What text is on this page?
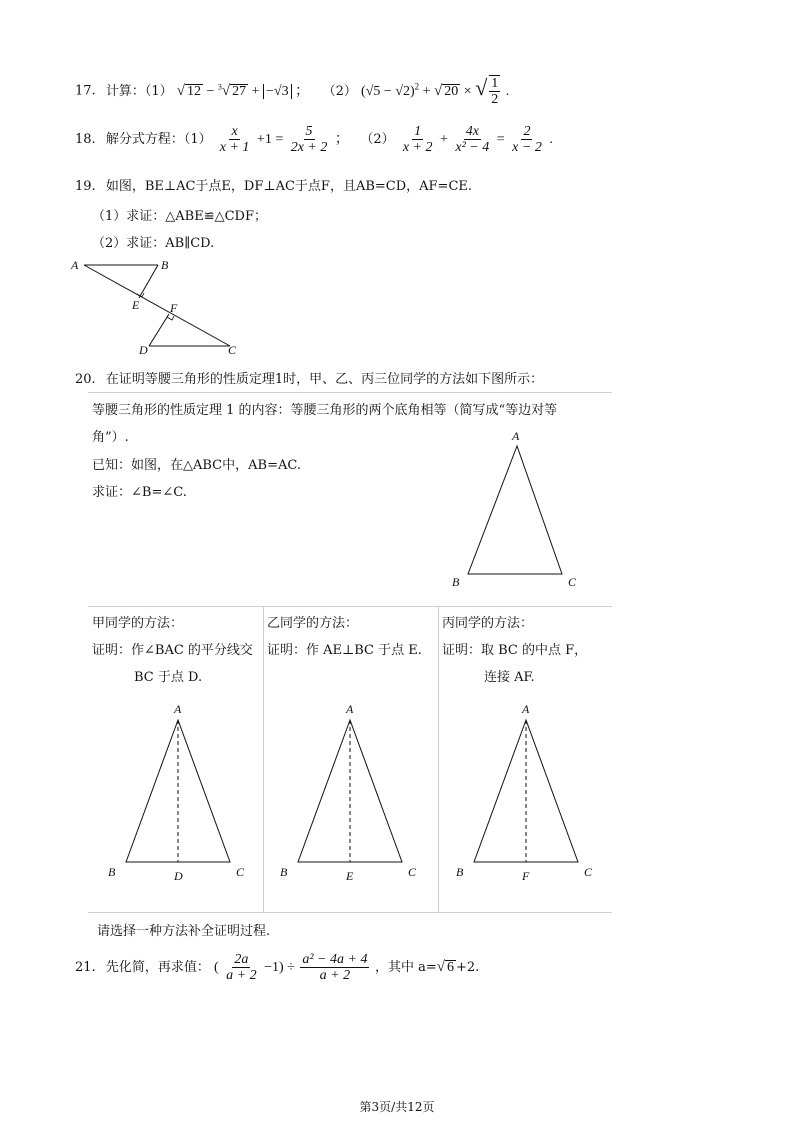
17. 计算：（1） √ 12 − $^3$√ 27 + −√3 ； （2） $(√5 - √2)^2$ + √ 20 × √ $\frac{1}{2}$ .
18. 解分式方程：$(1) \frac{x}{x + 1} +1 = \frac{5}{2x + 2}$ ； $(2) \frac{1}{x + 2} + \frac{4x}{\text{x² − 4}} = \frac{2}{x - 2}$ .
19. 如图，BE⊥AC于点E，DF⊥AC于点F，且AB=CD，AF=CE.
（1）求证：△ABE≌△CDF；
（2）求证：AB∥CD.
A	B
E	F
D	C
20. 在证明等腰三角形的性质定理1时，甲、乙、丙三位同学的方法如下图所示：
等腰三角形的性质定理 1 的内容：等腰三角形的两个底角相等（简写成“等边对等
角”）.
已知：如图，在△ABC中，AB=AC.
求证：∠B=∠C.
A
B	C
甲同学的方法：
证明：作∠BAC 的平分线交
BC 于点 D.
乙同学的方法：
证明：作 AE⊥BC 于点 E.
丙同学的方法：
证明：取 BC 的中点 F，
连接 AF.
A
B	D	C
A
B	E	C
A
B	F	C
请选择一种方法补全证明过程.
21. 先化简，再求值： ( $\frac{2a}{a + 2} -1) \div \frac{\text{a² − 4a + 4}}{a + 2}$ ，其中 a=√ 6 +2.
第3页/共12页
